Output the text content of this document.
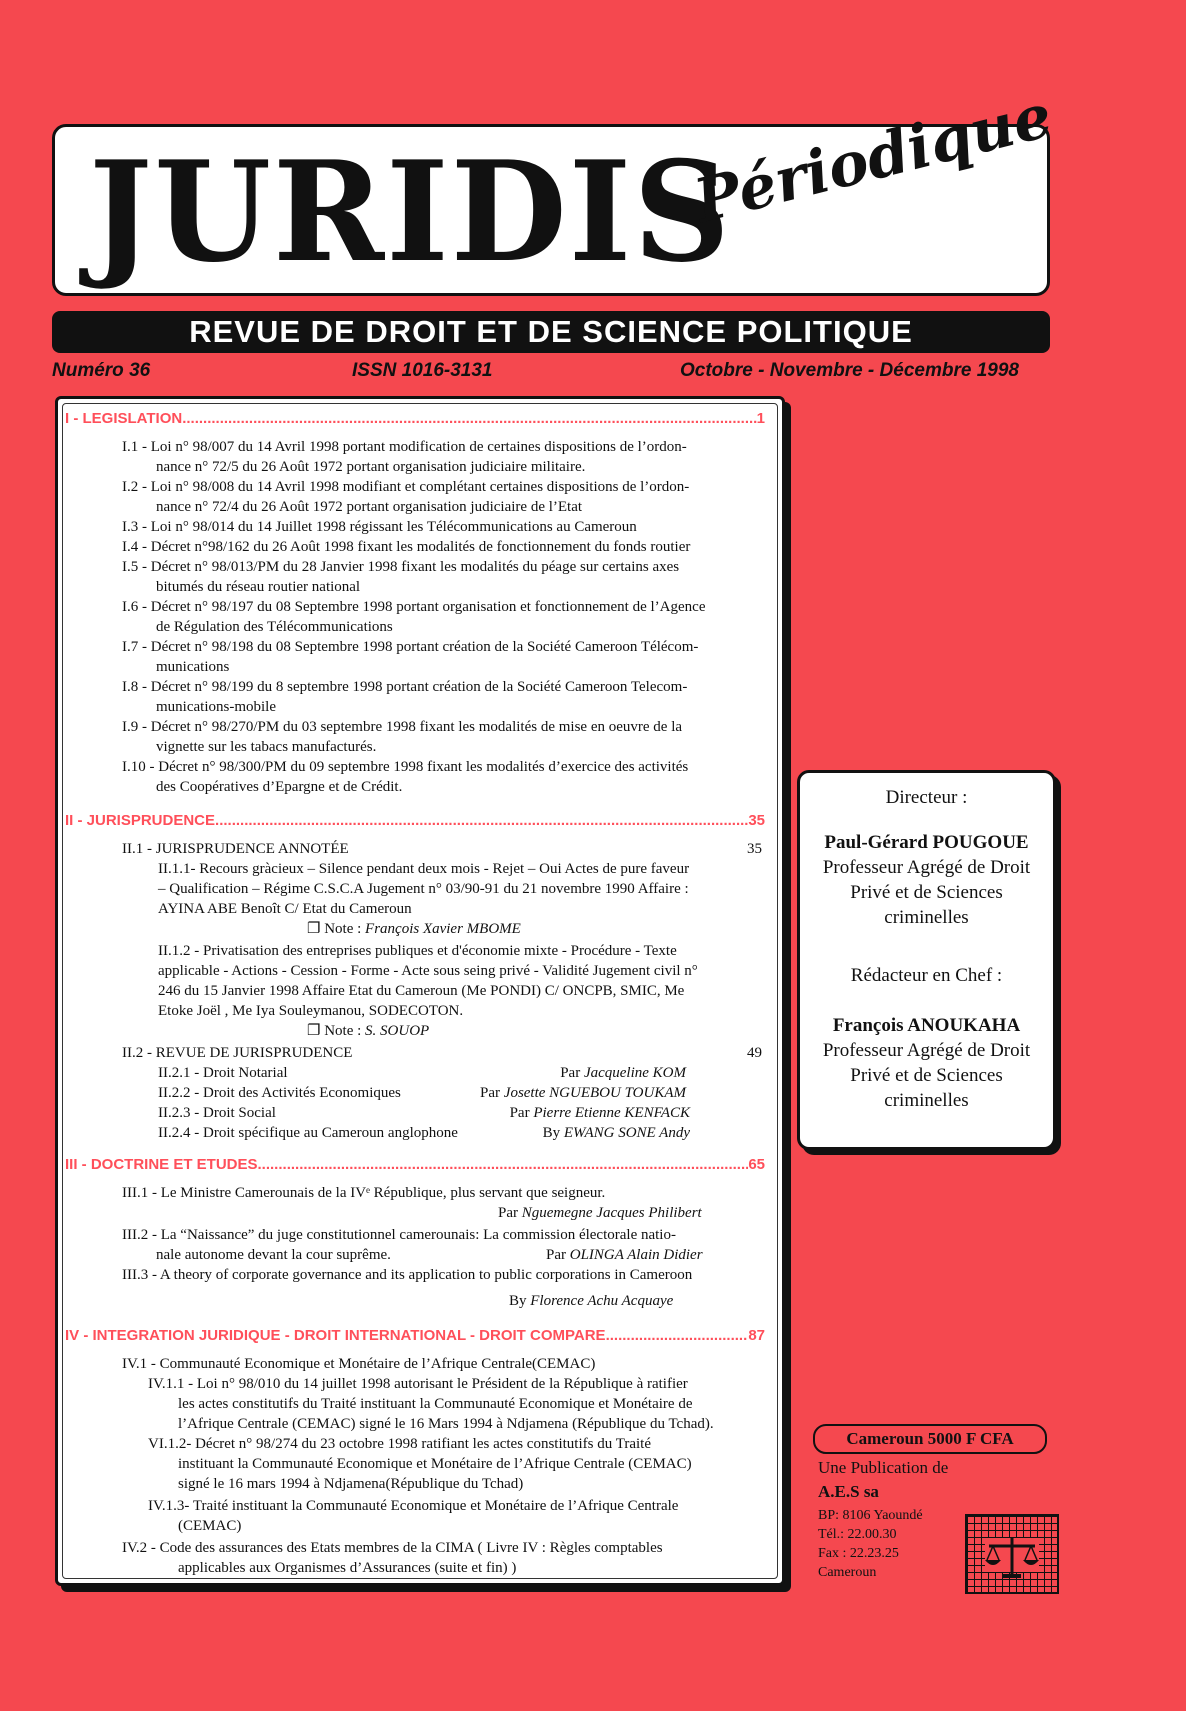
JURIDIS
Périodique
REVUE DE DROIT ET DE SCIENCE POLITIQUE
Numéro 36	ISSN 1016-3131	Octobre - Novembre - Décembre 1998
I - LEGISLATION .....	1
I.1 - Loi n° 98/007 du 14 Avril 1998 portant modification de certaines dispositions de l’ordon-
nance n° 72/5 du 26 Août 1972 portant organisation judiciaire militaire.
I.2 - Loi n° 98/008 du 14 Avril 1998 modifiant et complétant certaines dispositions de l’ordon-
nance n° 72/4 du 26 Août 1972 portant organisation judiciaire de l’Etat
I.3 - Loi n° 98/014 du 14 Juillet 1998 régissant les Télécommunications au Cameroun
I.4 - Décret n°98/162 du 26 Août 1998 fixant les modalités de fonctionnement du fonds routier
I.5 - Décret n° 98/013/PM du 28 Janvier 1998 fixant les modalités du péage sur certains axes
bitumés du réseau routier national
I.6 - Décret n° 98/197 du 08 Septembre 1998 portant organisation et fonctionnement de l’Agence
de Régulation des Télécommunications
I.7 - Décret n° 98/198 du 08 Septembre 1998 portant création de la Société Cameroon Télécom-
munications
I.8 - Décret n° 98/199 du 8 septembre 1998 portant création de la Société Cameroon Telecom-
munications-mobile
I.9 - Décret n° 98/270/PM du 03 septembre 1998 fixant les modalités de mise en oeuvre de la
vignette sur les tabacs manufacturés.
I.10 - Décret n° 98/300/PM du 09 septembre 1998 fixant les modalités d’exercice des activités
des Coopératives d’Epargne et de Crédit.
II - JURISPRUDENCE .....	35
II.1 - JURISPRUDENCE ANNOTÉE	35
II.1.1- Recours gràcieux – Silence pendant deux mois - Rejet – Oui Actes de pure faveur
– Qualification – Régime C.S.C.A Jugement n° 03/90-91 du 21 novembre 1990 Affaire :
AYINA ABE Benoît C/ Etat du Cameroun
❐ Note : François Xavier MBOME
II.1.2 - Privatisation des entreprises publiques et d'économie mixte - Procédure - Texte
applicable - Actions - Cession - Forme - Acte sous seing privé - Validité Jugement civil n°
246 du 15 Janvier 1998 Affaire Etat du Cameroun (Me PONDI) C/ ONCPB, SMIC, Me
Etoke Joël , Me Iya Souleymanou, SODECOTON.
❐ Note : S. SOUOP
II.2 - REVUE DE JURISPRUDENCE	49
II.2.1 - Droit Notarial	Par Jacqueline KOM
II.2.2 - Droit des Activités Economiques	Par Josette NGUEBOU TOUKAM
II.2.3 - Droit Social	Par Pierre Etienne KENFACK
II.2.4 - Droit spécifique au Cameroun anglophone	By EWANG SONE Andy
III - DOCTRINE ET ETUDES .....	65
III.1 - Le Ministre Camerounais de la IVᵉ République, plus servant que seigneur.
Par Nguemegne Jacques Philibert
III.2 - La “Naissance” du juge constitutionnel camerounais: La commission électorale natio-
nale autonome devant la cour suprême.	Par OLINGA Alain Didier
III.3 - A theory of corporate governance and its application to public corporations in Cameroon
By Florence Achu Acquaye
IV - INTEGRATION JURIDIQUE - DROIT INTERNATIONAL - DROIT COMPARE .....	87
IV.1 - Communauté Economique et Monétaire de l’Afrique Centrale(CEMAC)
IV.1.1 - Loi n° 98/010 du 14 juillet 1998 autorisant le Président de la République à ratifier
les actes constitutifs du Traité instituant la Communauté Economique et Monétaire de
l’Afrique Centrale (CEMAC) signé le 16 Mars 1994 à Ndjamena (République du Tchad).
VI.1.2- Décret n° 98/274 du 23 octobre 1998 ratifiant les actes constitutifs du Traité
instituant la Communauté Economique et Monétaire de l’Afrique Centrale (CEMAC)
signé le 16 mars 1994 à Ndjamena(République du Tchad)
IV.1.3- Traité instituant la Communauté Economique et Monétaire de l’Afrique Centrale
(CEMAC)
IV.2 - Code des assurances des Etats membres de la CIMA ( Livre IV : Règles comptables
applicables aux Organismes d’Assurances (suite et fin) )
Directeur :
Paul-Gérard POUGOUE
Professeur Agrégé de Droit
Privé et de Sciences
criminelles
Rédacteur en Chef :
François ANOUKAHA
Professeur Agrégé de Droit
Privé et de Sciences
criminelles
Cameroun 5000 F CFA
Une Publication de
A.E.S sa
BP: 8106 Yaoundé
Tél.: 22.00.30
Fax : 22.23.25
Cameroun
